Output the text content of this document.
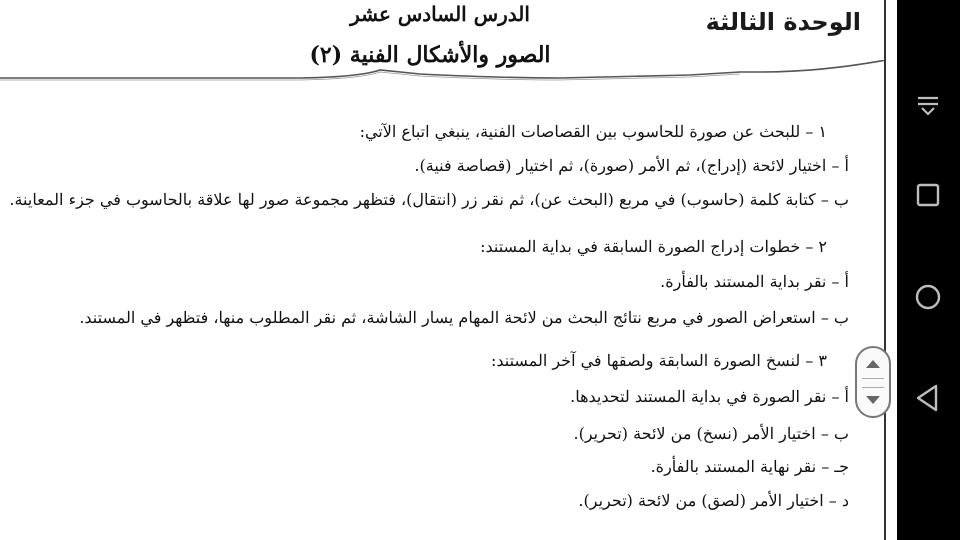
الوحدة الثالثة
الدرس السادس عشر
الصور والأشكال الفنية (٢)
١ – للبحث عن صورة للحاسوب بين القصاصات الفنية، ينبغي اتباع الآتي:
أ – اختيار لائحة (إدراج)، ثم الأمر (صورة)، ثم اختيار (قصاصة فنية).
ب – كتابة كلمة (حاسوب) في مربع (البحث عن)، ثم نقر زر (انتقال)، فتظهر مجموعة صور لها علاقة بالحاسوب في جزء المعاينة.
٢ – خطوات إدراج الصورة السابقة في بداية المستند:
أ – نقر بداية المستند بالفأرة.
ب – استعراض الصور في مربع نتائج البحث من لائحة المهام يسار الشاشة، ثم نقر المطلوب منها، فتظهر في المستند.
٣ – لنسخ الصورة السابقة ولصقها في آخر المستند:
أ – نقر الصورة في بداية المستند لتحديدها.
ب – اختيار الأمر (نسخ) من لائحة (تحرير).
جـ – نقر نهاية المستند بالفأرة.
د – اختيار الأمر (لصق) من لائحة (تحرير).
